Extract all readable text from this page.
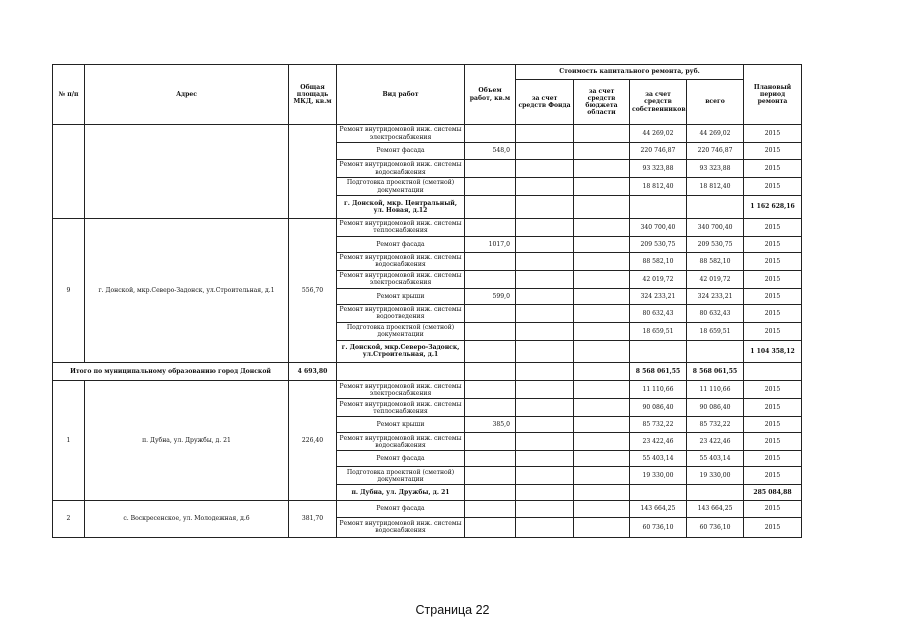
№ п/п	Адрес	Общая площадь МКД, кв.м	Вид работ	Объем работ, кв.м	Стоимость капитального ремонта, руб.				Плановый период ремонта	
					за счет средств Фонда	за счет средств бюджета области	за счет средств собственников	всего		
			Ремонт внутридомовой инж. системы электроснабжения				44 269,02	44 269,02	2015	
			Ремонт фасада	548,0			220 746,87	220 746,87	2015	
			Ремонт внутридомовой инж. системы водоснабжения				93 323,88	93 323,88	2015	
			Подготовка проектной (сметной) документации				18 812,40	18 812,40	2015	
			г. Донской, мкр. Центральный, ул. Новая, д.12						1 162 628,16		
9	г. Донской, мкр.Северо-Задонск, ул.Строительная, д.1	556,70	Ремонт внутридомовой инж. системы теплоснабжения				340 700,40	340 700,40	2015	
			Ремонт фасада	1017,0			209 530,75	209 530,75	2015	
			Ремонт внутридомовой инж. системы водоснабжения				88 582,10	88 582,10	2015	
			Ремонт внутридомовой инж. системы электроснабжения				42 019,72	42 019,72	2015	
			Ремонт крыши	599,0			324 233,21	324 233,21	2015	
			Ремонт внутридомовой инж. системы водоотведения				80 632,43	80 632,43	2015	
			Подготовка проектной (сметной) документации				18 659,51	18 659,51	2015	
			г. Донской, мкр.Северо-Задонск, ул.Строительная, д.1						1 104 358,12		
Итого по муниципальному образованию город Донской		4 693,80					8 568 061,55	8 568 061,55		
1	п. Дубна, ул. Дружбы, д. 21	226,40	Ремонт внутридомовой инж. системы электроснабжения				11 110,66	11 110,66	2015	
			Ремонт внутридомовой инж. системы теплоснабжения				90 086,40	90 086,40	2015	
			Ремонт крыши	385,0			85 732,22	85 732,22	2015	
			Ремонт внутридомовой инж. системы водоснабжения				23 422,46	23 422,46	2015	
			Ремонт фасада				55 403,14	55 403,14	2015	
			Подготовка проектной (сметной) документации				19 330,00	19 330,00	2015	
			п. Дубна, ул. Дружбы, д. 21						285 084,88		
2	с. Воскресенское, ул. Молодежная, д.6	381,70	Ремонт фасада				143 664,25	143 664,25	2015	
			Ремонт внутридомовой инж. системы водоснабжения				60 736,10	60 736,10	2015	
Страница 22
